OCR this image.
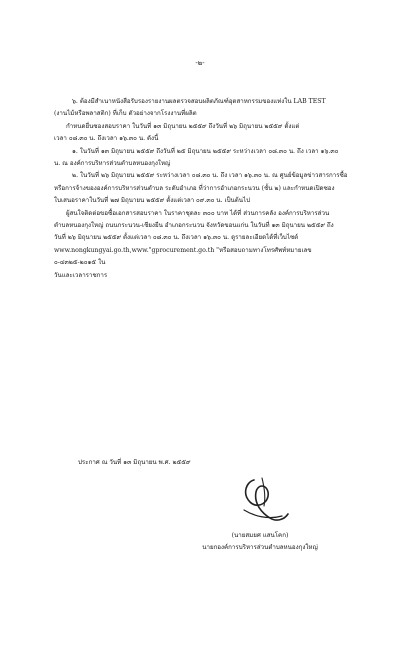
-๒-

๖. ต้องมีสำเนาหนังสือรับรองรายงานผลตรวจสอบผลิตภัณฑ์อุตสาหกรรมของแท่งใน LAB TEST

(งานไม้หรือพลาสติก) ที่เก็บ ตัวอย่างจากโรงงานที่ผลิต

กำหนดยื่นซองสอบราคา ในวันที่ ๑๓ มิถุนายน ๒๕๕๙ ถึงวันที่ ๒๖ มิถุนายน ๒๕๕๙ ตั้งแต่

เวลา ๐๘.๓๐ น. ถึงเวลา ๑๖.๓๐ น. ดังนี้

๑. ในวันที่ ๑๓ มิถุนายน ๒๕๕๙ ถึงวันที่ ๒๕ มิถุนายน ๒๕๕๙ ระหว่างเวลา ๐๘.๓๐ น. ถึง เวลา ๑๖.๓๐

น. ณ องค์การบริหารส่วนตำบลหนองกุงใหญ่

๒. ในวันที่ ๒๖ มิถุนายน ๒๕๕๙ ระหว่างเวลา ๐๘.๓๐ น. ถึง เวลา ๑๖.๓๐ น. ณ ศูนย์ข้อมูลข่าวสารการซื้อ

หรือการจ้างขององค์การบริหารส่วนตำบล ระดับอำเภอ ที่ว่าการอำเภอกระนวน (ชั้น ๒) และกำหนดเปิดซอง

ใบเสนอราคาในวันที่ ๒๗ มิถุนายน ๒๕๕๙ ตั้งแต่เวลา ๐๙.๓๐ น. เป็นต้นไป

ผู้สนใจติดต่อขอซื้อเอกสารสอบราคา ในราคาชุดละ ๓๐๐ บาท ได้ที่ ส่วนการคลัง องค์การบริหารส่วน

ตำบลหนองกุงใหญ่ ถนนกระนวน-เชียงยืน อำเภอกระนวน จังหวัดขอนแก่น ในวันที่ ๑๓ มิถุนายน ๒๕๕๙ ถึง

วันที่ ๒๖ มิถุนายน ๒๕๕๙ ตั้งแต่เวลา ๐๘.๓๐ น. ถึงเวลา ๑๖.๓๐ น. ดูรายละเอียดได้ที่เว็บไซต์

www.nongkungyai.go.th,www."gprocurement.go.th "หรือสอบถามทางโทรศัพท์หมายเลข ๐-๔๓๒๕-๒๐๑๕ ใน

วันและเวลาราชการ

ประกาศ ณ วันที่ ๑๓ มิถุนายน พ.ศ. ๒๕๕๙
(นายสมยศ แสนโคก)
นายกองค์การบริหารส่วนตำบลหนองกุงใหญ่
